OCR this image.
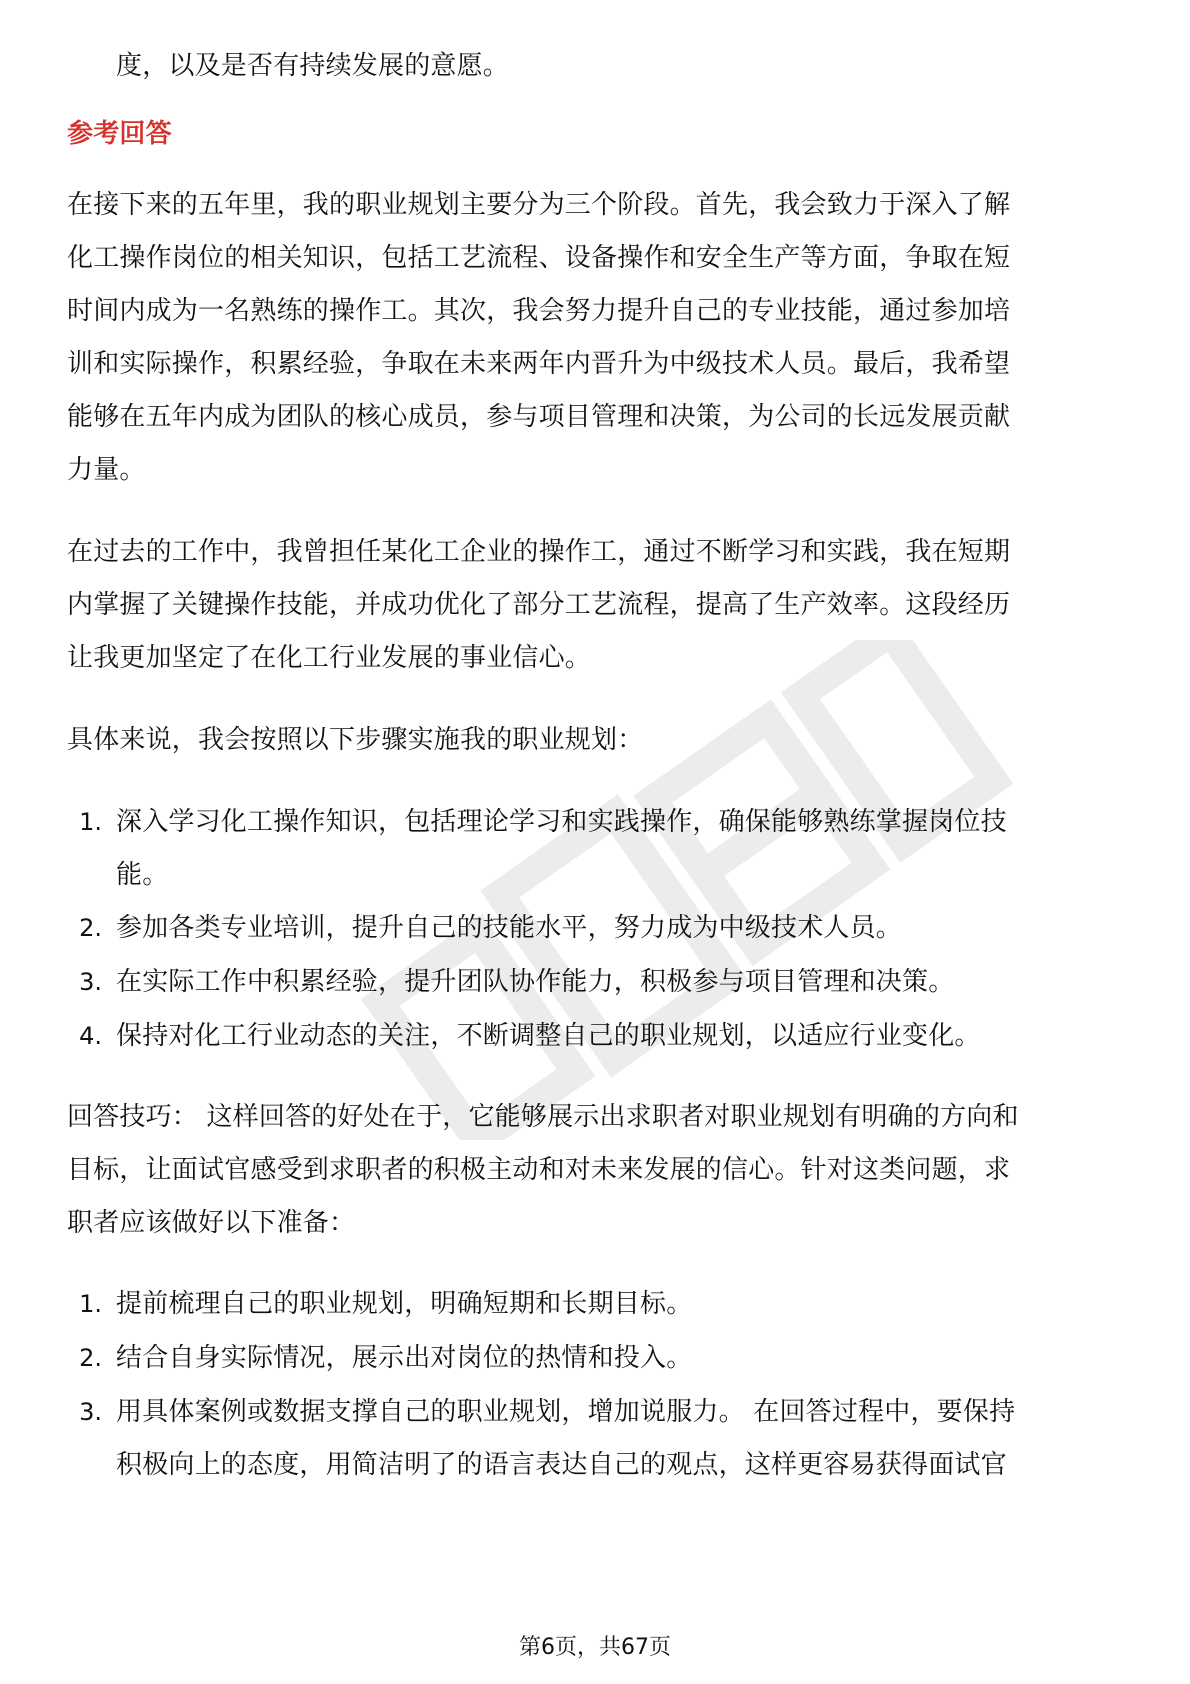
度，以及是否有持续发展的意愿。
参考回答
在接下来的五年里，我的职业规划主要分为三个阶段。首先，我会致力于深入了解
化工操作岗位的相关知识，包括工艺流程、设备操作和安全生产等方面，争取在短
时间内成为一名熟练的操作工。其次，我会努力提升自己的专业技能，通过参加培
训和实际操作，积累经验，争取在未来两年内晋升为中级技术人员。最后，我希望
能够在五年内成为团队的核心成员，参与项目管理和决策，为公司的长远发展贡献
力量。
在过去的工作中，我曾担任某化工企业的操作工，通过不断学习和实践，我在短期
内掌握了关键操作技能，并成功优化了部分工艺流程，提高了生产效率。这段经历
让我更加坚定了在化工行业发展的事业信心。
具体来说，我会按照以下步骤实施我的职业规划：
1. 深入学习化工操作知识，包括理论学习和实践操作，确保能够熟练掌握岗位技
能。
2. 参加各类专业培训，提升自己的技能水平，努力成为中级技术人员。
3. 在实际工作中积累经验，提升团队协作能力，积极参与项目管理和决策。
4. 保持对化工行业动态的关注，不断调整自己的职业规划，以适应行业变化。
回答技巧： 这样回答的好处在于，它能够展示出求职者对职业规划有明确的方向和
目标，让面试官感受到求职者的积极主动和对未来发展的信心。针对这类问题，求
职者应该做好以下准备：
1. 提前梳理自己的职业规划，明确短期和长期目标。
2. 结合自身实际情况，展示出对岗位的热情和投入。
3. 用具体案例或数据支撑自己的职业规划，增加说服力。 在回答过程中，要保持
积极向上的态度，用简洁明了的语言表达自己的观点，这样更容易获得面试官
第6页，共67页
